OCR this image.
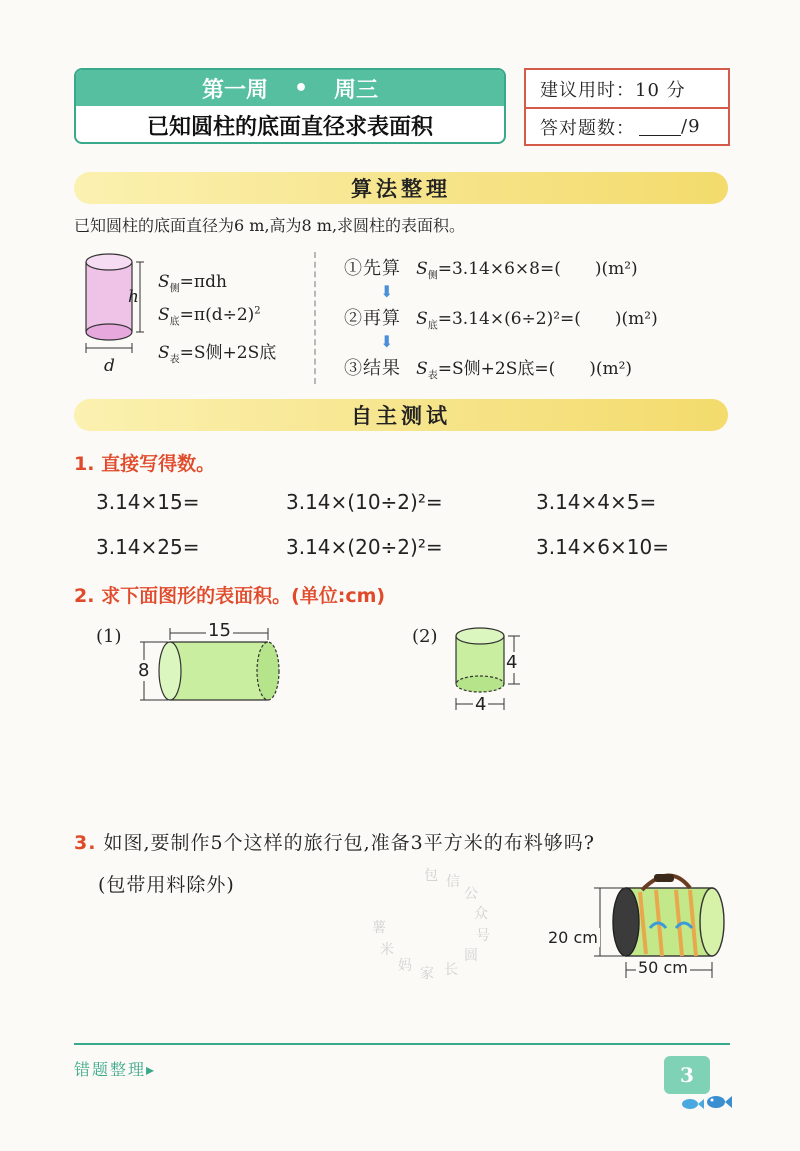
第一周 • 周三
已知圆柱的底面直径求表面积
建议用时：10 分
答对题数：	/9
算法整理
已知圆柱的底面直径为6 m,高为8 m,求圆柱的表面积。
h
d
$S_侧=\pi dh$
$S_底=\pi(d\div 2)^2$
$S_表=S$侧+2S底
①先算 $S_侧=3.14\times 6\times 8=$(　　)(m²)
⬇
②再算 $S_底=3.14\times(6\div 2)^2=$(　　)(m²)
⬇
③结果 $S_表=S$侧+2S底=(　　)(m²)
自主测试
1. 直接写得数。
3.14×15=	3.14×(10÷2)²=	3.14×4×5=
3.14×25=	3.14×(20÷2)²=	3.14×6×10=
2. 求下面图形的表面积。(单位:cm)
(1)	15
8
(2)
4
4
3. 如图,要制作5个这样的旅行包,准备3平方米的布料够吗?
(包带用料除外)	包 信
公
众
号
圆
长
家
妈
米
薯	20 cm
50 cm
错题整理▸	3
